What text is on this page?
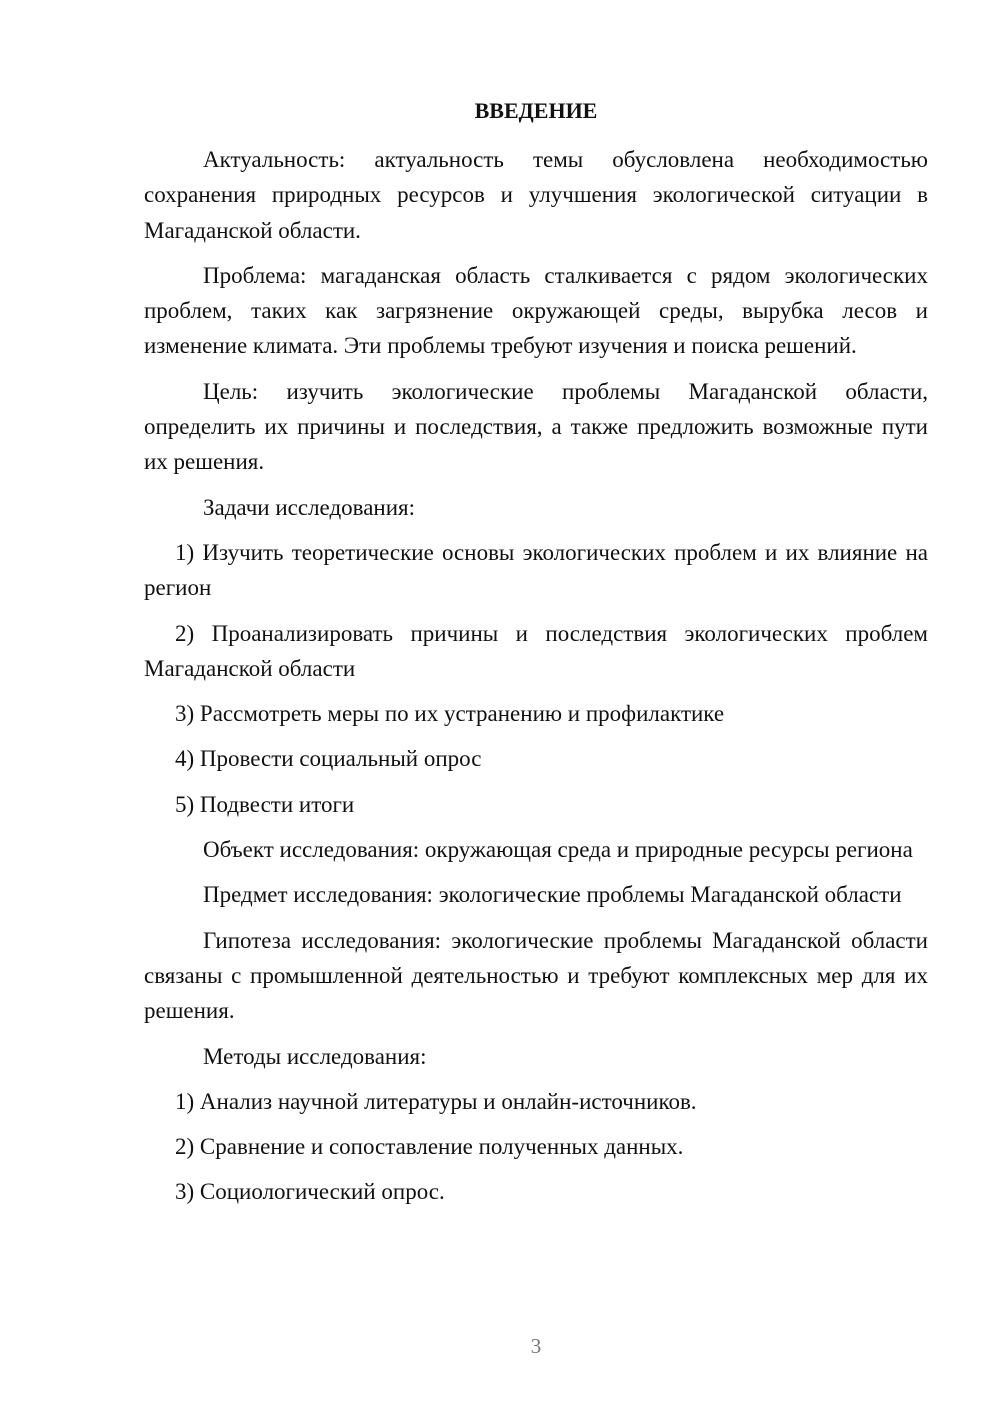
ВВЕДЕНИЕ

Актуальность: актуальность темы обусловлена необходимостью сохранения природных ресурсов и улучшения экологической ситуации в Магаданской области.

Проблема: магаданская область сталкивается с рядом экологических проблем, таких как загрязнение окружающей среды, вырубка лесов и изменение климата. Эти проблемы требуют изучения и поиска решений.

Цель: изучить экологические проблемы Магаданской области, определить их причины и последствия, а также предложить возможные пути их решения.

Задачи исследования:

1) Изучить теоретические основы экологических проблем и их влияние на регион

2) Проанализировать причины и последствия экологических проблем Магаданской области

3) Рассмотреть меры по их устранению и профилактике

4) Провести социальный опрос

5) Подвести итоги

Объект исследования: окружающая среда и природные ресурсы региона

Предмет исследования: экологические проблемы Магаданской области

Гипотеза исследования: экологические проблемы Магаданской области связаны с промышленной деятельностью и требуют комплексных мер для их решения.

Методы исследования:

1) Анализ научной литературы и онлайн-источников.

2) Сравнение и сопоставление полученных данных.

3) Социологический опрос.

3
